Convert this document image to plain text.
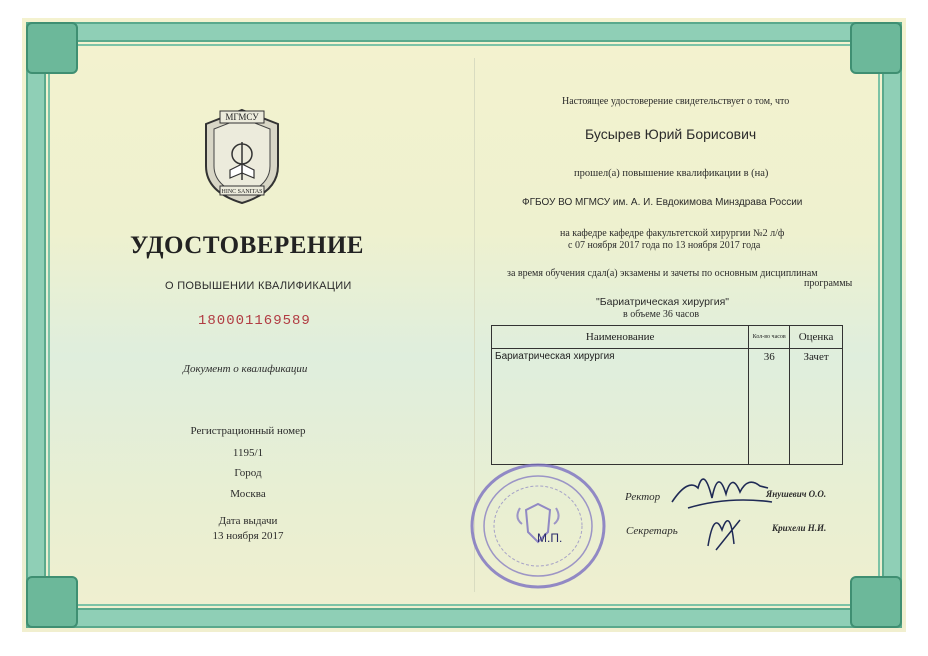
МГМСУ
HINC SANITAS
УДОСТОВЕРЕНИЕ
О ПОВЫШЕНИИ КВАЛИФИКАЦИИ
180001169589
Документ о квалификации
Регистрационный номер
1195/1
Город
Москва
Дата выдачи
13 ноября 2017
Настоящее удостоверение свидетельствует о том, что
Бусырев Юрий Борисович
прошел(а) повышение квалификации в (на)
ФГБОУ ВО МГМСУ им. А. И. Евдокимова Минздрава России
на кафедре кафедре факультетской хирургии №2 л/ф
с 07 ноября 2017 года по 13 ноября 2017 года
за время обучения сдал(а) экзамены и зачеты по основным дисциплинам
программы
"Бариатрическая хирургия"
в объеме 36 часов
Наименование	Кол-во часов	Оценка
Бариатрическая хирургия	36	Зачет
М.П.
Ректор	Янушевич О.О.
Секретарь	Крихели Н.И.
